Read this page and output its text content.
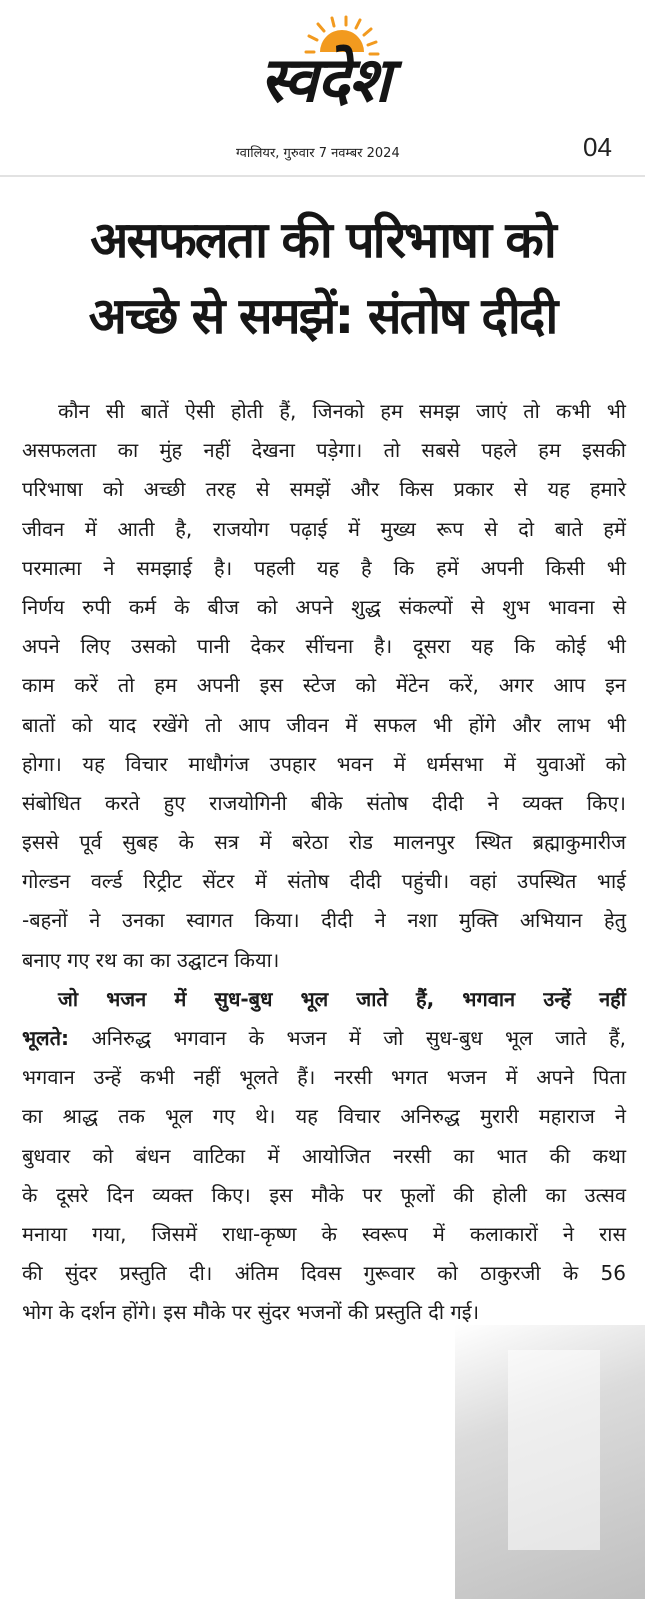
स्वदेश
ग्वालियर, गुरुवार 7 नवम्बर 2024	04
असफलता की परिभाषा को
अच्छे से समझें: संतोष दीदी
कौन सी बातें ऐसी होती हैं, जिनको हम समझ जाएं तो कभी भी
असफलता का मुंह नहीं देखना पड़ेगा। तो सबसे पहले हम इसकी
परिभाषा को अच्छी तरह से समझें और किस प्रकार से यह हमारे
जीवन में आती है, राजयोग पढ़ाई में मुख्य रूप से दो बाते हमें
परमात्मा ने समझाई है। पहली यह है कि हमें अपनी किसी भी
निर्णय रुपी कर्म के बीज को अपने शुद्ध संकल्पों से शुभ भावना से
अपने लिए उसको पानी देकर सींचना है। दूसरा यह कि कोई भी
काम करें तो हम अपनी इस स्टेज को मेंटेन करें, अगर आप इन
बातों को याद रखेंगे तो आप जीवन में सफल भी होंगे और लाभ भी
होगा। यह विचार माधौगंज उपहार भवन में धर्मसभा में युवाओं को
संबोधित करते हुए राजयोगिनी बीके संतोष दीदी ने व्यक्त किए।
इससे पूर्व सुबह के सत्र में बरेठा रोड मालनपुर स्थित ब्रह्माकुमारीज
गोल्डन वर्ल्ड रिट्रीट सेंटर में संतोष दीदी पहुंची। वहां उपस्थित भाई
-बहनों ने उनका स्वागत किया। दीदी ने नशा मुक्ति अभियान हेतु
बनाए गए रथ का का उद्घाटन किया।
जो भजन में सुध-बुध भूल जाते हैं, भगवान उन्हें नहीं
भूलते: अनिरुद्ध भगवान के भजन में जो सुध-बुध भूल जाते हैं,
भगवान उन्हें कभी नहीं भूलते हैं। नरसी भगत भजन में अपने पिता
का श्राद्ध तक भूल गए थे। यह विचार अनिरुद्ध मुरारी महाराज ने
बुधवार को बंधन वाटिका में आयोजित नरसी का भात की कथा
के दूसरे दिन व्यक्त किए। इस मौके पर फूलों की होली का उत्सव
मनाया गया, जिसमें राधा-कृष्ण के स्वरूप में कलाकारों ने रास
की सुंदर प्रस्तुति दी। अंतिम दिवस गुरूवार को ठाकुरजी के 56
भोग के दर्शन होंगे। इस मौके पर सुंदर भजनों की प्रस्तुति दी गई।
